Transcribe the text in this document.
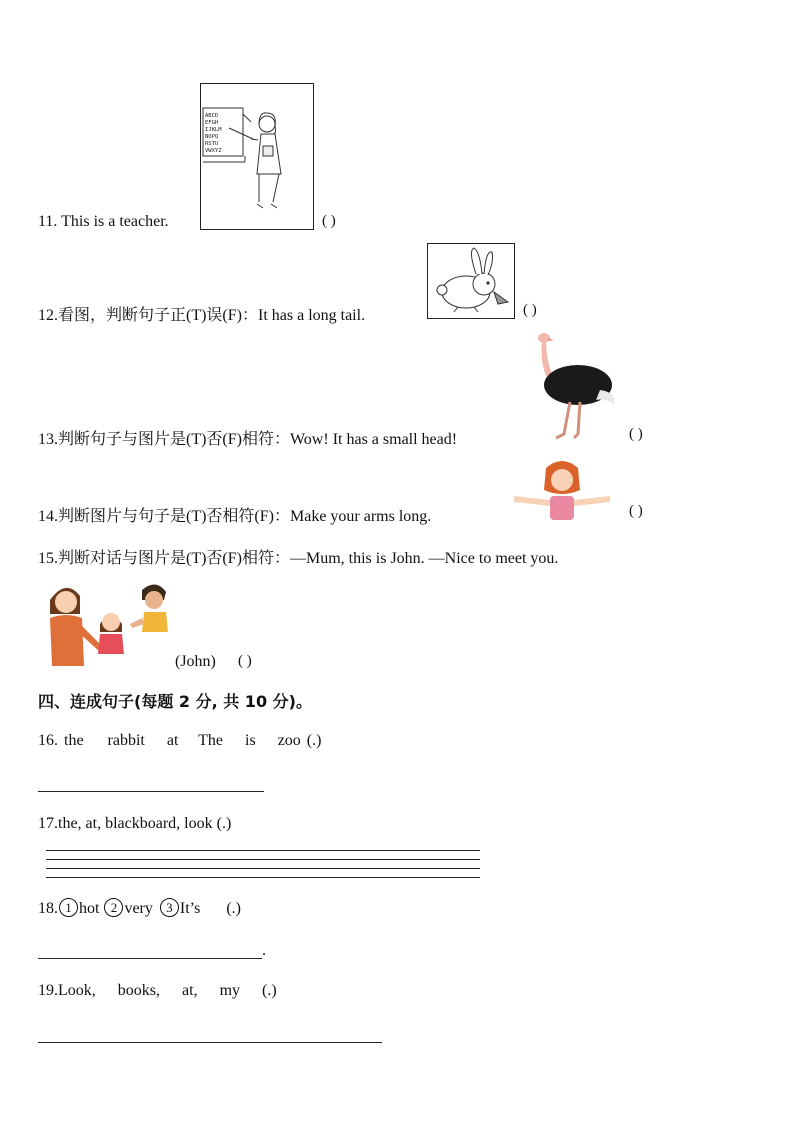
ABCD
EFGH
IJKLM
NOPQ
RSTU
VWXYZ
11. This is a teacher.	( )
12.看图，判断句子正(T)误(F)：It has a long tail.	( )
13.判断句子与图片是(T)否(F)相符：Wow! It has a small head!	( )
14.判断图片与句子是(T)否相符(F)：Make your arms long.	( )
15.判断对话与图片是(T)否(F)相符：—Mum, this is John. —Nice to meet you.
(John) ( )
四、连成句子(每题 2 分, 共 10 分)。
16. the rabbit at The is zoo (.)
17.the, at, blackboard, look (.)
18. 1 hot 2 very 3 It’s (.)
.
19.Look, books, at, my (.)
